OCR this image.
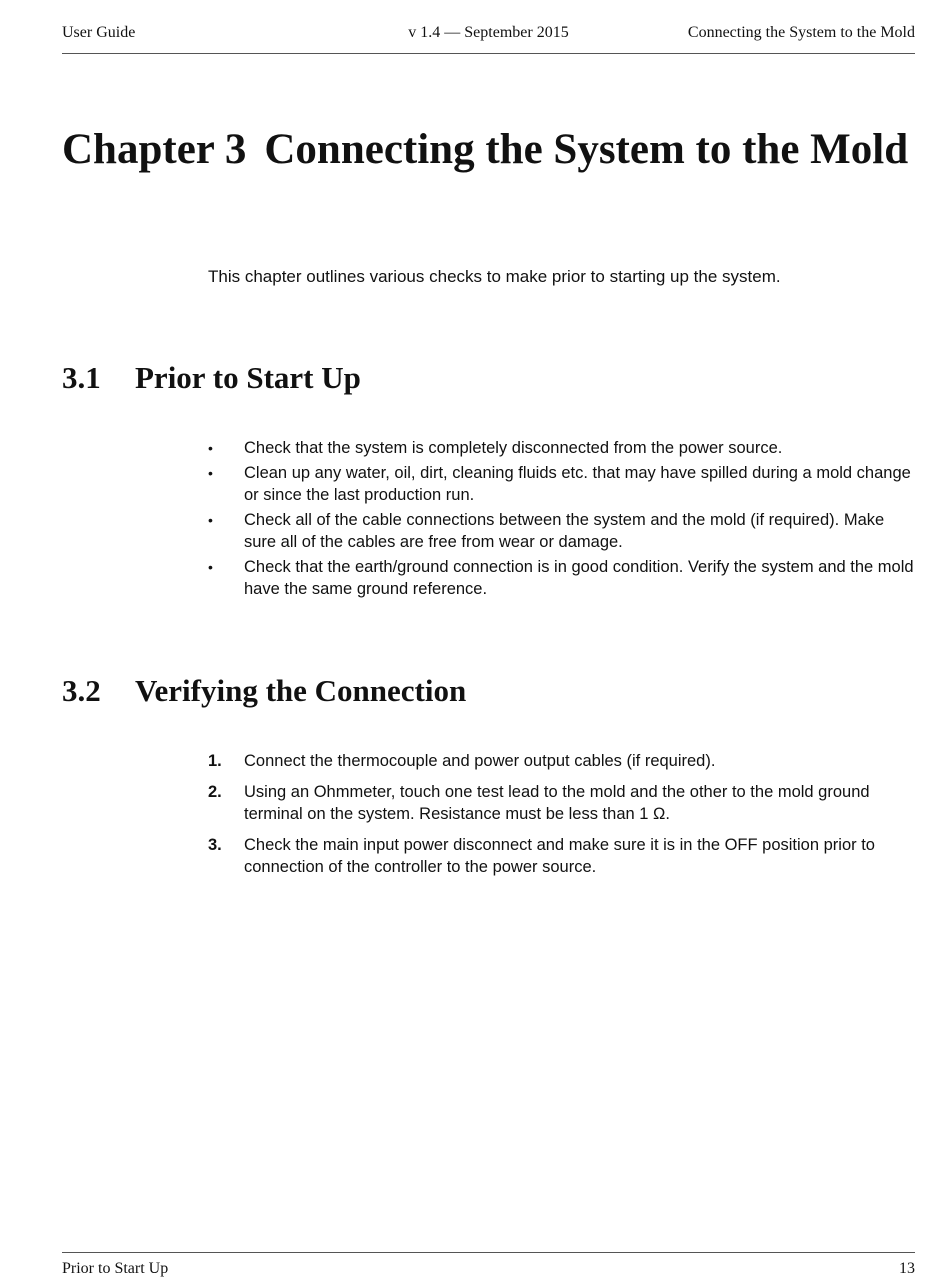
User Guide	v 1.4 — September 2015	Connecting the System to the Mold
Chapter 3 Connecting the System to the Mold

This chapter outlines various checks to make prior to starting up the system.

3.1 Prior to Start Up
• Check that the system is completely disconnected from the power source.
• Clean up any water, oil, dirt, cleaning fluids etc. that may have spilled during a mold change or since the last production run.
• Check all of the cable connections between the system and the mold (if required). Make sure all of the cables are free from wear or damage.
• Check that the earth/ground connection is in good condition. Verify the system and the mold have the same ground reference.
3.2 Verifying the Connection
1. Connect the thermocouple and power output cables (if required).
2. Using an Ohmmeter, touch one test lead to the mold and the other to the mold ground terminal on the system. Resistance must be less than 1 Ω.
3. Check the main input power disconnect and make sure it is in the OFF position prior to connection of the controller to the power source.
Prior to Start Up	13
